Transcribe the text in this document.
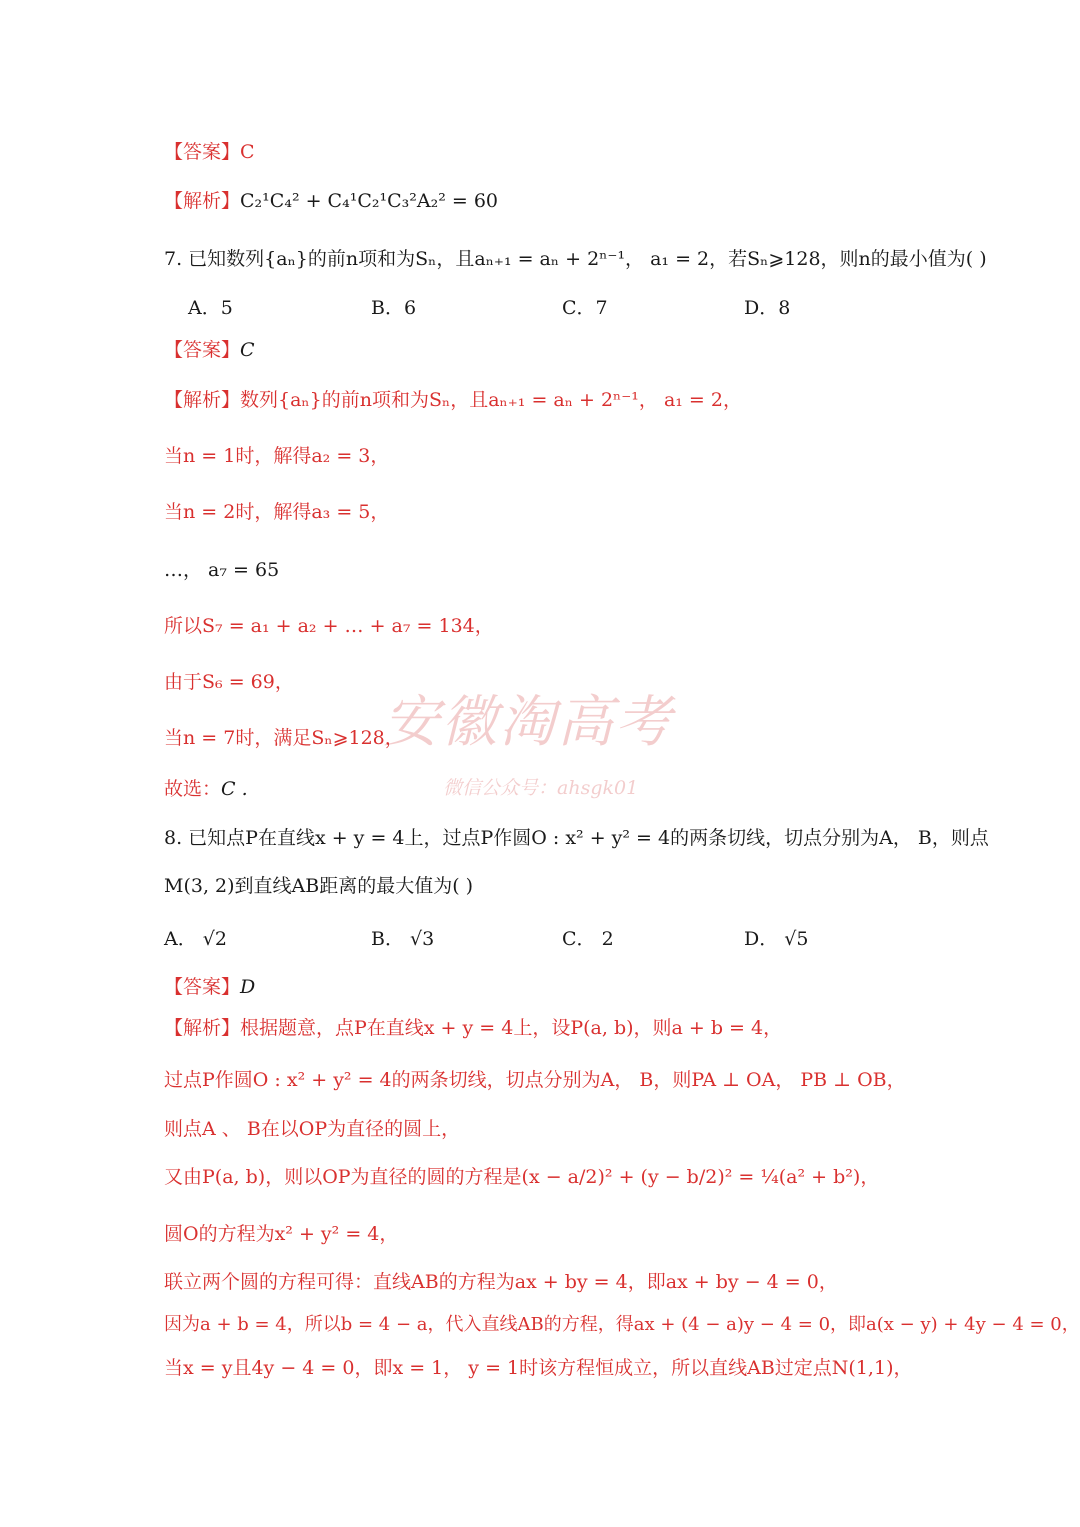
【答案】C
【解析】C₂¹C₄² + C₄¹C₂¹C₃²A₂² = 60
7. 已知数列{aₙ}的前n项和为Sₙ，且aₙ₊₁ = aₙ + 2ⁿ⁻¹， a₁ = 2，若Sₙ⩾128，则n的最小值为( )
A．5	B．6	C．7	D．8
【答案】C
【解析】数列{aₙ}的前n项和为Sₙ，且aₙ₊₁ = aₙ + 2ⁿ⁻¹， a₁ = 2，
当n = 1时，解得a₂ = 3，
当n = 2时，解得a₃ = 5，
…， a₇ = 65
所以S₇ = a₁ + a₂ + … + a₇ = 134，
由于S₆ = 69，
当n = 7时，满足Sₙ⩾128，
故选：C .
安徽淘高考
微信公众号：ahsgk01
8. 已知点P在直线x + y = 4上，过点P作圆O : x² + y² = 4的两条切线，切点分别为A， B，则点
M(3, 2)到直线AB距离的最大值为( )
A． √2	B． √3	C． 2	D． √5
【答案】D
【解析】根据题意，点P在直线x + y = 4上，设P(a, b)，则a + b = 4，
过点P作圆O : x² + y² = 4的两条切线，切点分别为A， B，则PA ⊥ OA， PB ⊥ OB，
则点A 、 B在以OP为直径的圆上，
又由P(a, b)，则以OP为直径的圆的方程是(x − a/2)² + (y − b/2)² = ¼(a² + b²)，
圆O的方程为x² + y² = 4，
联立两个圆的方程可得：直线AB的方程为ax + by = 4，即ax + by − 4 = 0，
因为a + b = 4，所以b = 4 − a，代入直线AB的方程，得ax + (4 − a)y − 4 = 0，即a(x − y) + 4y − 4 = 0，
当x = y且4y − 4 = 0，即x = 1， y = 1时该方程恒成立，所以直线AB过定点N(1,1)，
